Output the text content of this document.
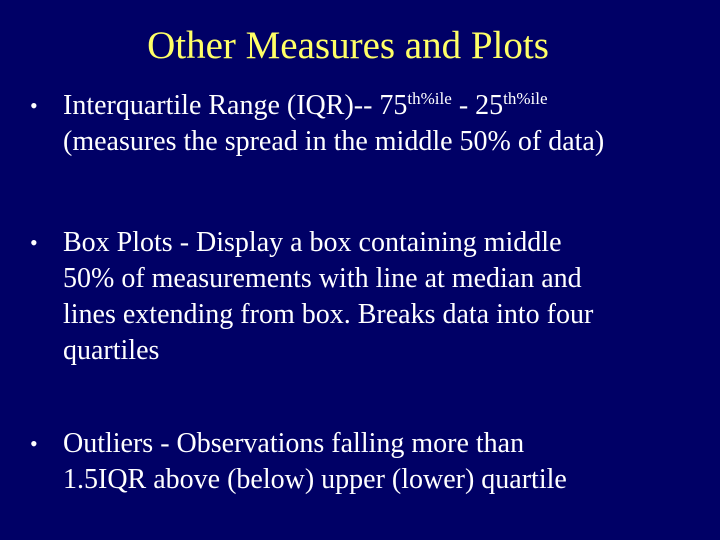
Other Measures and Plots
• Interquartile Range (IQR)-- $75^{th\%ile} - 25^{th\%ile}$
(measures the spread in the middle 50% of data)
• Box Plots - Display a box containing middle
50% of measurements with line at median and
lines extending from box. Breaks data into four
quartiles
• Outliers - Observations falling more than
1.5IQR above (below) upper (lower) quartile
